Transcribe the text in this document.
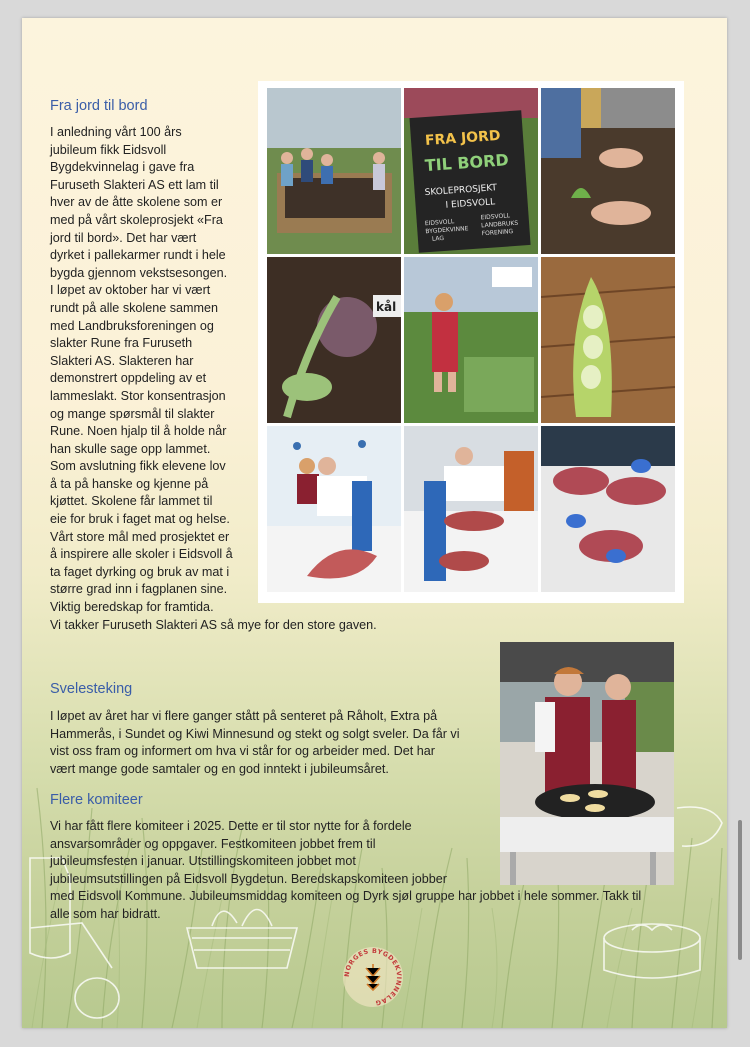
Fra jord til bord
I anledning vårt 100 års
jubileum fikk Eidsvoll
Bygdekvinnelag i gave fra
Furuseth Slakteri AS ett lam til
hver av de åtte skolene som er
med på vårt skoleprosjekt «Fra
jord til bord». Det har vært
dyrket i pallekarmer rundt i hele
bygda gjennom vekstsesongen.
I løpet av oktober har vi vært
rundt på alle skolene sammen
med Landbruksforeningen og
slakter Rune fra Furuseth
Slakteri AS. Slakteren har
demonstrert oppdeling av et
lammeslakt. Stor konsentrasjon
og mange spørsmål til slakter
Rune. Noen hjalp til å holde når
han skulle sage opp lammet.
Som avslutning fikk elevene lov
å ta på hanske og kjenne på
kjøttet. Skolene får lammet til
eie for bruk i faget mat og helse.
Vårt store mål med prosjektet er
å inspirere alle skoler i Eidsvoll å
ta faget dyrking og bruk av mat i
større grad inn i fagplanen sine.
Viktig beredskap for framtida.
Vi takker Furuseth Slakteri AS så mye for den store gaven.
FRA JORD
TIL BORD
SKOLEPROSJEKT
I EIDSVOLL
EIDSVOLL
BYGDEKVINNE
LAG
EIDSVOLL
LANDBRUKS
FORENING
kål
Svelesteking
I løpet av året har vi flere ganger stått på senteret på Råholt, Extra på
Hammerås, i Sundet og Kiwi Minnesund og stekt og solgt sveler. Da får vi
vist oss fram og informert om hva vi står for og arbeider med. Det har
vært mange gode samtaler og en god inntekt i jubileumsåret.
Flere komiteer
Vi har fått flere komiteer i 2025. Dette er til stor nytte for å fordele
ansvarsområder og oppgaver. Festkomiteen jobbet frem til
jubileumsfesten i januar. Utstillingskomiteen jobbet mot
jubileumsutstillingen på Eidsvoll Bygdetun. Beredskapskomiteen jobber
med Eidsvoll Kommune. Jubileumsmiddag komiteen og Dyrk sjøl gruppe har jobbet i hele sommer. Takk til
alle som har bidratt.
NORGES BYGDEKVINNELAG
